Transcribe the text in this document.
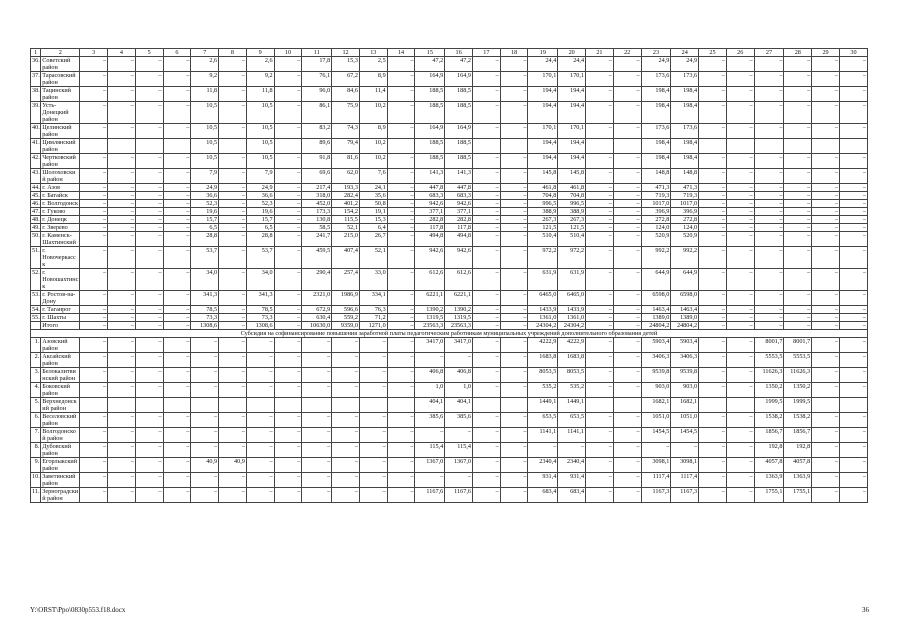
1	2	3	4	5	6	7	8	9	10	11	12	13	14	15	16	17	18	19	20	21	22	23	24	25	26	27	28	29	30
36.	Советский район	–	–	–	–	2,6	–	2,6	–	17,8	15,3	2,5	–	47,2	47,2	–	–	24,4	24,4	–	–	24,9	24,9	–	–	–	–	–	–
37.	Тарасовский район	–	–	–	–	9,2	–	9,2	–	76,1	67,2	8,9	–	164,9	164,9	–	–	170,1	170,1	–	–	173,6	173,6	–	–	–	–	–	–
38.	Тацинский район	–	–	–	–	11,8	–	11,8	–	96,0	84,6	11,4	–	188,5	188,5	–	–	194,4	194,4	–	–	198,4	198,4	–	–	–	–	–	–
39.	Усть-Донецкий район	–	–	–	–	10,5	–	10,5	–	86,1	75,9	10,2	–	188,5	188,5	–	–	194,4	194,4	–	–	198,4	198,4	–	–	–	–	–	–
40.	Целинский район	–	–	–	–	10,5	–	10,5	–	83,2	74,3	8,9	–	164,9	164,9	–	–	170,1	170,1	–	–	173,6	173,6	–	–	–	–	–	–
41.	Цимлянский район					10,5		10,5		89,6	79,4	10,2		188,5	188,5			194,4	194,4			198,4	198,4						
42.	Чертковский район	–	–	–	–	10,5	–	10,5	–	91,8	81,6	10,2	–	188,5	188,5	–	–	194,4	194,4	–	–	198,4	198,4	–	–	–	–	–	–
43.	Шолоховский район	–	–	–	–	7,9	–	7,9	–	69,6	62,0	7,6	–	141,3	141,3	–	–	145,8	145,8	–	–	148,8	148,8	–	–	–	–	–	–
44.	г. Азов	–	–	–	–	24,9	–	24,9	–	217,4	193,3	24,1	–	447,8	447,8	–	–	461,8	461,8	–	–	471,3	471,3	–	–	–	–	–	–
45.	г. Батайск	–	–	–	–	36,6	–	36,6	–	318,0	282,4	35,6	–	683,3	683,3	–	–	704,8	704,8	–	–	719,3	719,3	–	–	–	–	–	–
46.	г. Волгодонск	–	–	–	–	52,3	–	52,3	–	452,0	401,2	50,8	–	942,6	942,6	–	–	996,5	996,5	–	–	1017,0	1017,0	–	–	–	–	–	–
47.	г. Гуково	–	–	–	–	19,6	–	19,6	–	173,3	154,2	19,1	–	377,1	377,1	–	–	388,9	388,9	–	–	396,9	396,9	–	–	–	–	–	–
48.	г. Донецк	–	–	–	–	15,7	–	15,7	–	130,8	115,5	15,3	–	282,8	282,8	–	–	267,3	267,3	–	–	272,8	272,8	–	–	–	–	–	–
49.	г. Зверево	–	–	–	–	6,5	–	6,5	–	58,5	52,1	6,4	–	117,8	117,8	–	–	121,5	121,5	–	–	124,0	124,0	–	–	–	–	–	–
50.	г. Каменск-Шахтинский	–	–	–	–	28,8	–	28,8	–	241,7	215,0	26,7	–	494,8	494,8	–	–	510,4	510,4	–	–	520,9	520,9	–	–	–	–	–	–
51.	г. Новочеркасск	–	–	–	–	53,7	–	53,7	–	459,5	407,4	52,1	–	942,6	942,6	–	–	972,2	972,2	–	–	992,2	992,2	–	–	–	–	–	–
52.	г. Новошахтинск	–	–	–	–	34,0	–	34,0	–	290,4	257,4	33,0	–	612,6	612,6	–	–	631,9	631,9	–	–	644,9	644,9	–	–	–	–	–	–
53.	г. Ростов-на-Дону	–	–	–	–	341,3	–	341,3	–	2321,0	1986,9	334,1	–	6221,1	6221,1	–	–	6465,0	6465,0	–	–	6598,0	6598,0	–	–	–	–	–	–
54.	г. Таганрог	–	–	–	–	78,5	–	78,5	–	672,9	596,6	76,3	–	1390,2	1390,2	–	–	1433,9	1433,9	–	–	1463,4	1463,4	–	–	–	–	–	–
55.	г. Шахты	–	–	–	–	73,3	–	73,3	–	630,4	559,2	71,2	–	1319,5	1319,5	–	–	1361,0	1361,0	–	–	1389,0	1389,0	–	–	–	–	–	–
	Итого	–	–	–	–	1308,6	–	1308,6	–	10630,0	9359,0	1271,0	–	23563,3	23563,3	–	–	24304,2	24304,2	–	–	24804,2	24804,2	–	–	–	–	–	–
Субсидия на софинансирование повышения заработной платы педагогическим работникам муниципальных учреждений дополнительного образования детей																													
1.	Азовский район	–	–	–	–	–	–	–	–	–	–	–	–	3417,0	3417,0	–	–	4222,9	4222,9	–	–	5903,4	5903,4	–	–	8001,7	8001,7	–	–
2.	Аксайский район	–	–	–	–	–	–	–	–	–	–	–	–	–	–	–	–	1683,8	1683,8	–	–	3406,3	3406,3	–	–	5553,5	5553,5	–	–
3.	Белокалитвинский район	–	–	–	–	–	–	–	–	–	–	–	–	406,8	406,8	–	–	8053,5	8053,5	–	–	9539,8	9539,8	–	–	11626,3	11626,3	–	–
4.	Боковский район	–	–	–	–	–	–	–	–	–	–	–	–	1,0	1,0	–	–	535,2	535,2	–	–	903,0	903,0	–	–	1350,2	1350,2	–	–
5.	Верхнедонский район													404,1	404,1			1449,1	1449,1			1682,1	1682,1			1999,5	1999,5		
6.	Веселовский район	–	–	–	–	–	–	–	–	–	–	–	–	385,6	385,6	–	–	653,5	653,5	–	–	1051,0	1051,0	–	–	1538,2	1538,2	–	–
7.	Волгодонской район	–	–	–	–	–	–	–	–	–	–	–	–	–	–	–	–	1141,1	1141,1	–	–	1454,5	1454,5	–	–	1856,7	1856,7	–	–
8.	Дубовский район	–	–	–	–	–	–	–	–	–	–	–	–	115,4	115,4	–	–	–	–	–	–	–	–	–	–	192,8	192,8	–	–
9.	Егорлыкский район	–	–	–	–	40,9	40,9	–	–	–	–	–	–	1367,0	1367,0	–	–	2340,4	2340,4	–	–	3098,1	3098,1	–	–	4057,8	4057,8	–	–
10.	Заветинский район	–	–	–	–	–	–	–	–	–	–	–	–	–	–	–	–	931,4	931,4	–	–	1117,4	1117,4	–	–	1363,9	1363,9	–	–
11.	Зерноградский район	–	–	–	–	–	–	–	–	–	–	–	–	1167,6	1167,6	–	–	683,4	683,4	–	–	1167,3	1167,3	–	–	1755,1	1755,1	–	–
Y:\ORST\Ppo\0830p553.f18.docx	36
